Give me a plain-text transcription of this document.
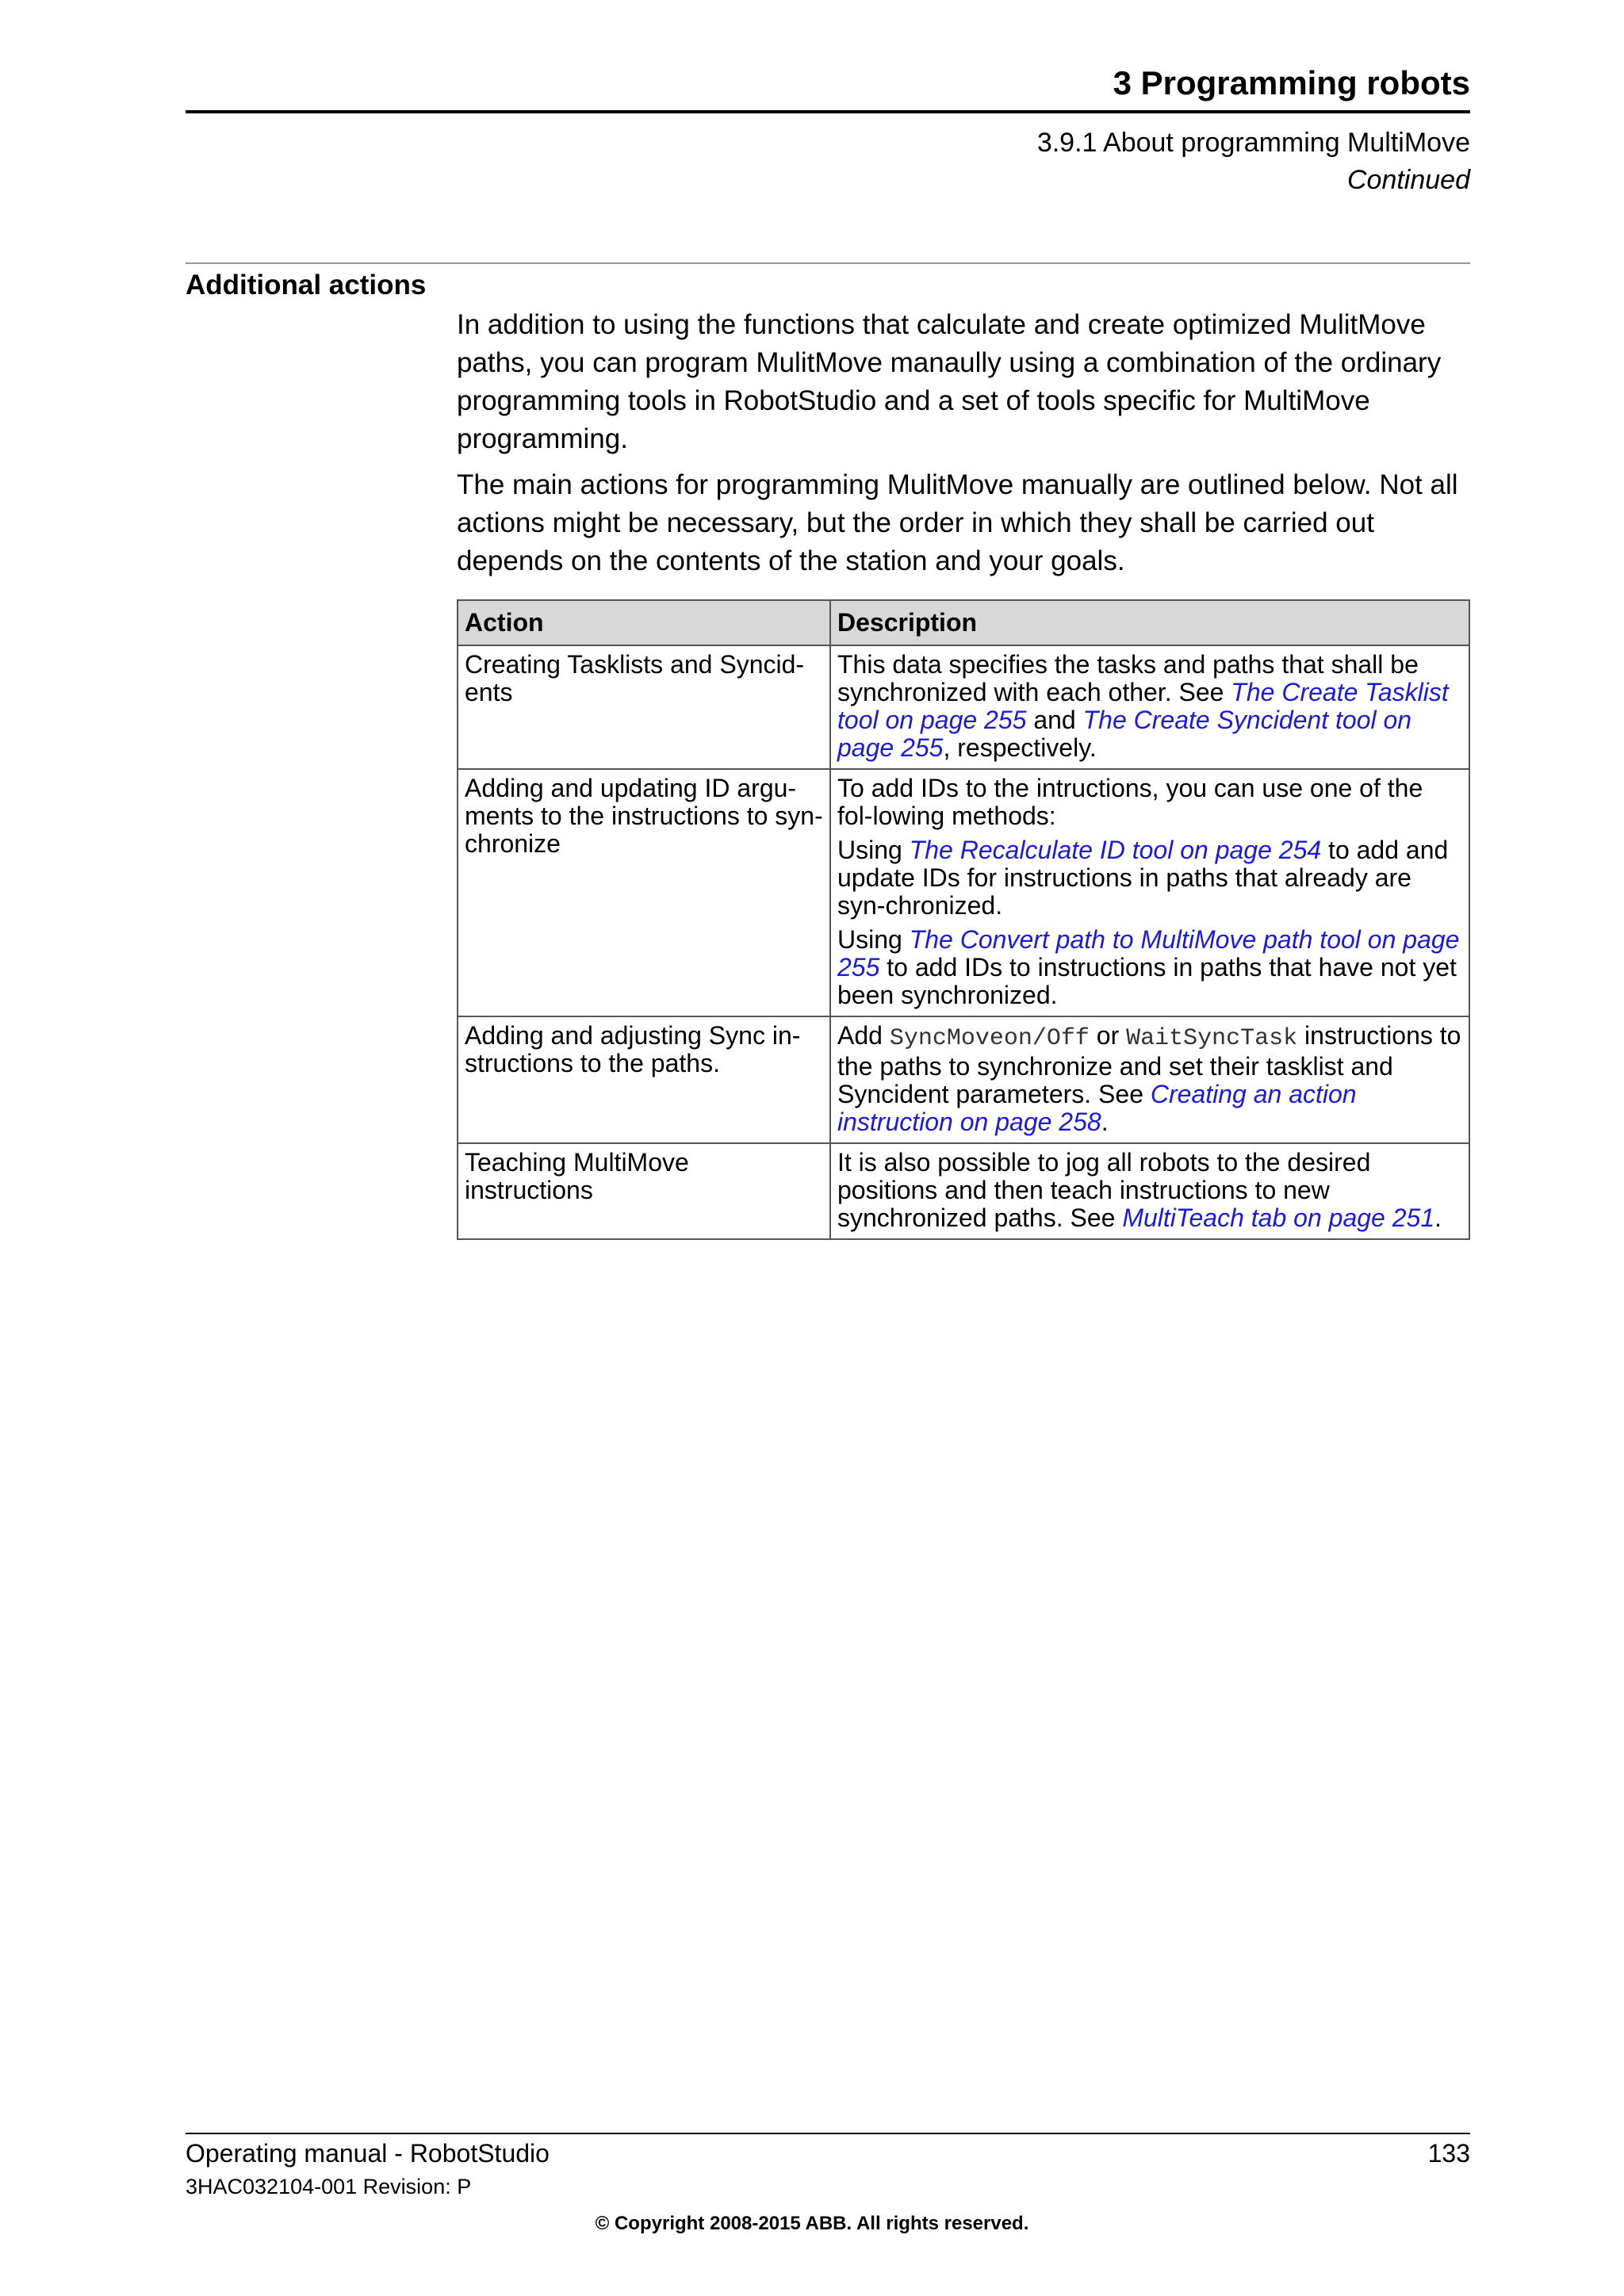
3 Programming robots
3.9.1 About programming MultiMove
Continued
Additional actions

In addition to using the functions that calculate and create optimized MulitMove paths, you can program MulitMove manaully using a combination of the ordinary programming tools in RobotStudio and a set of tools specific for MultiMove programming.

The main actions for programming MulitMove manually are outlined below. Not all actions might be necessary, but the order in which they shall be carried out depends on the contents of the station and your goals.

Action	Description
Creating Tasklists and Syncid-ents	This data specifies the tasks and paths that shall be synchronized with each other. See The Create Tasklist tool on page 255 and The Create Syncident tool on page 255, respectively.

Adding and updating ID argu-ments to the instructions to syn-chronize	To add IDs to the intructions, you can use one of the fol-lowing methods:

Using The Recalculate ID tool on page 254 to add and update IDs for instructions in paths that already are syn-chronized.

Using The Convert path to MultiMove path tool on page 255 to add IDs to instructions in paths that have not yet been synchronized.

Adding and adjusting Sync in-structions to the paths.	Add SyncMoveon/Off or WaitSyncTask instructions to the paths to synchronize and set their tasklist and Syncident parameters. See Creating an action instruction on page 258.

Teaching MultiMove instructions	It is also possible to jog all robots to the desired positions and then teach instructions to new synchronized paths. See MultiTeach tab on page 251.

Operating manual - RobotStudio	133
3HAC032104-001 Revision: P
© Copyright 2008-2015 ABB. All rights reserved.
